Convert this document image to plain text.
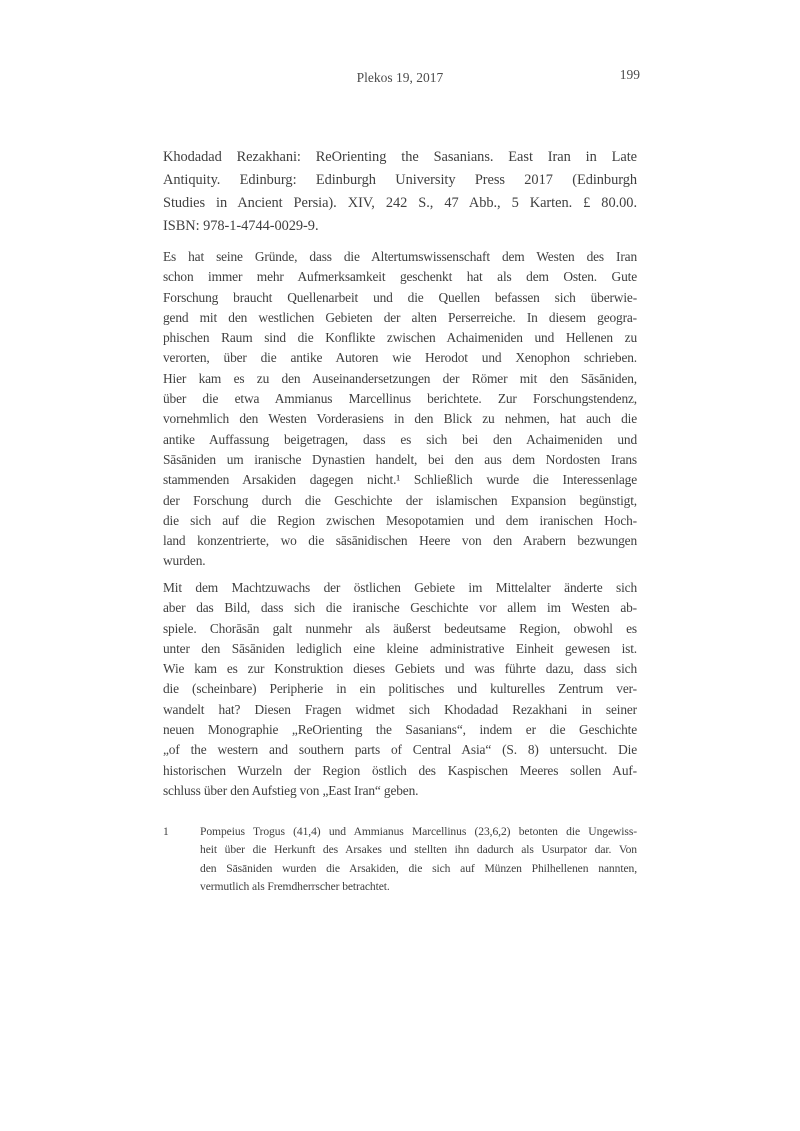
Plekos 19, 2017	199
Khodadad Rezakhani: ReOrienting the Sasanians. East Iran in Late
Antiquity. Edinburg: Edinburgh University Press 2017 (Edinburgh
Studies in Ancient Persia). XIV, 242 S., 47 Abb., 5 Karten. £ 80.00.
ISBN: 978-1-4744-0029-9.
Es hat seine Gründe, dass die Altertumswissenschaft dem Westen des Iran
schon immer mehr Aufmerksamkeit geschenkt hat als dem Osten. Gute
Forschung braucht Quellenarbeit und die Quellen befassen sich überwie-
gend mit den westlichen Gebieten der alten Perserreiche. In diesem geogra-
phischen Raum sind die Konflikte zwischen Achaimeniden und Hellenen zu
verorten, über die antike Autoren wie Herodot und Xenophon schrieben.
Hier kam es zu den Auseinandersetzungen der Römer mit den Sāsāniden,
über die etwa Ammianus Marcellinus berichtete. Zur Forschungstendenz,
vornehmlich den Westen Vorderasiens in den Blick zu nehmen, hat auch die
antike Auffassung beigetragen, dass es sich bei den Achaimeniden und
Sāsāniden um iranische Dynastien handelt, bei den aus dem Nordosten Irans
stammenden Arsakiden dagegen nicht.¹ Schließlich wurde die Interessenlage
der Forschung durch die Geschichte der islamischen Expansion begünstigt,
die sich auf die Region zwischen Mesopotamien und dem iranischen Hoch-
land konzentrierte, wo die sāsānidischen Heere von den Arabern bezwungen
wurden.
Mit dem Machtzuwachs der östlichen Gebiete im Mittelalter änderte sich
aber das Bild, dass sich die iranische Geschichte vor allem im Westen ab-
spiele. Chorāsān galt nunmehr als äußerst bedeutsame Region, obwohl es
unter den Sāsāniden lediglich eine kleine administrative Einheit gewesen ist.
Wie kam es zur Konstruktion dieses Gebiets und was führte dazu, dass sich
die (scheinbare) Peripherie in ein politisches und kulturelles Zentrum ver-
wandelt hat? Diesen Fragen widmet sich Khodadad Rezakhani in seiner
neuen Monographie „ReOrienting the Sasanians“, indem er die Geschichte
„of the western and southern parts of Central Asia“ (S. 8) untersucht. Die
historischen Wurzeln der Region östlich des Kaspischen Meeres sollen Auf-
schluss über den Aufstieg von „East Iran“ geben.
1	Pompeius Trogus (41,4) und Ammianus Marcellinus (23,6,2) betonten die Ungewiss-
heit über die Herkunft des Arsakes und stellten ihn dadurch als Usurpator dar. Von
den Sāsāniden wurden die Arsakiden, die sich auf Münzen Philhellenen nannten,
vermutlich als Fremdherrscher betrachtet.
